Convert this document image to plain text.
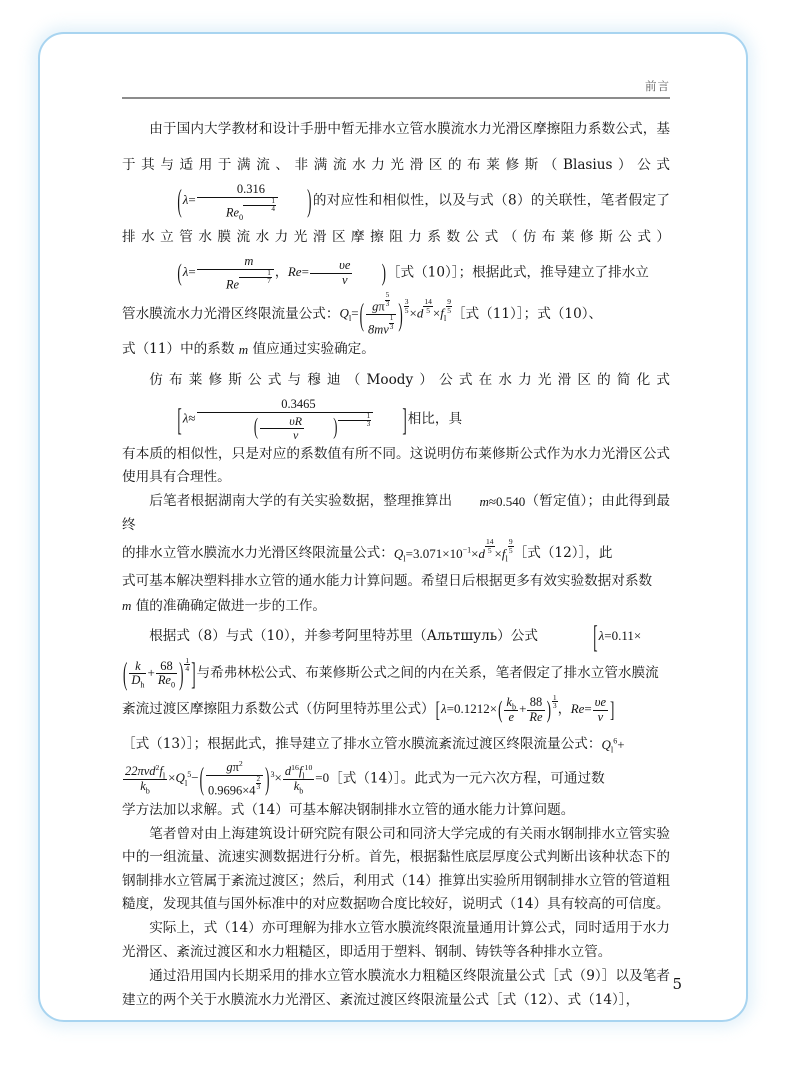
前言

由于国内大学教材和设计手册中暂无排水立管水膜流水力光滑区摩擦阻力系数公式，基于其与适用于满流、非满流水力光滑区的布莱修斯（Blasius）公式(λ= 0.316
$Re_0$
$\frac{1}{4}$ )的对应性和相似性，以及与式（8）的关联性，笔者假定了排水立管水膜流水力光滑区摩擦阻力系数公式（仿布莱修斯公式）($\lambda= \frac{m}{Re \frac{1}{7}}$ ，$Re= \frac{\upsilon e}{\nu}$ )［式（10）］；根据此式，推导建立了排水立

管水膜流水力光滑区终限流量公式：$Q_l=( \frac{g\pi \frac{5}{3}}{8m\nu \frac{1}{3}}$ ) $\frac{3}{5} \times d \frac{14}{5} \times f_l$
$\frac{9}{5}$
［式（11）］；式（10）、

式（11）中的系数 m 值应通过实验确定。

仿布莱修斯公式与穆迪（Moody）公式在水力光滑区的简化式[$\lambda\approx \frac{0.3465}{( \frac{\upsilon R}{\nu} ) \frac{1}{3}}$ ]相比，具

有本质的相似性，只是对应的系数值有所不同。这说明仿布莱修斯公式作为水力光滑区公式使用具有合理性。

后笔者根据湖南大学的有关实验数据，整理推算出 m≈0.540（暂定值）；由此得到最终

的排水立管水膜流水力光滑区终限流量公式：$Q_l=3.071\times 10^{-1}\times d \frac{14}{5} \times f_l$
$\frac{9}{5}$ ［式（12）］，此

式可基本解决塑料排水立管的通水能力计算问题。希望日后根据更多有效实验数据对系数

m 值的准确确定做进一步的工作。

根据式（8）与式（10），并参考阿里特苏里（Альтшуль）公式	[λ=0.11×

( $\frac{k}{D_h} + \frac{68}{Re_0}$ ) $\frac{1}{4}$ ]与希弗林松公式、布莱修斯公式之间的内在关系，笔者假定了排水立管水膜流

紊流过渡区摩擦阻力系数公式（仿阿里特苏里公式）[$\lambda=0.1212\times( \frac{k_b}{e} + \frac{88}{Re}$ ) $\frac{1}{3}$ ，$Re= \frac{\upsilon e}{\nu}$ ]

［式（13）］；根据此式，推导建立了排水立管水膜流紊流过渡区终限流量公式：$Q_l^6+$

$\frac{22\pi\nu d^2f_l}{k_b} \times Q_l^5-( \frac{g\pi^2}{0.9696\times 4 \frac{2}{3}} )^3\times \frac{d^{16}f_l^{10}}{k_b}$ =0［式（14）］。此式为一元六次方程，可通过数

学方法加以求解。式（14）可基本解决钢制排水立管的通水能力计算问题。

笔者曾对由上海建筑设计研究院有限公司和同济大学完成的有关雨水钢制排水立管实验中的一组流量、流速实测数据进行分析。首先，根据黏性底层厚度公式判断出该种状态下的钢制排水立管属于紊流过渡区；然后，利用式（14）推算出实验所用钢制排水立管的管道粗糙度，发现其值与国外标准中的对应数据吻合度比较好，说明式（14）具有较高的可信度。

实际上，式（14）亦可理解为排水立管水膜流终限流量通用计算公式，同时适用于水力光滑区、紊流过渡区和水力粗糙区，即适用于塑料、钢制、铸铁等各种排水立管。

通过沿用国内长期采用的排水立管水膜流水力粗糙区终限流量公式［式（9）］以及笔者建立的两个关于水膜流水力光滑区、紊流过渡区终限流量公式［式（12）、式（14）］，

5
